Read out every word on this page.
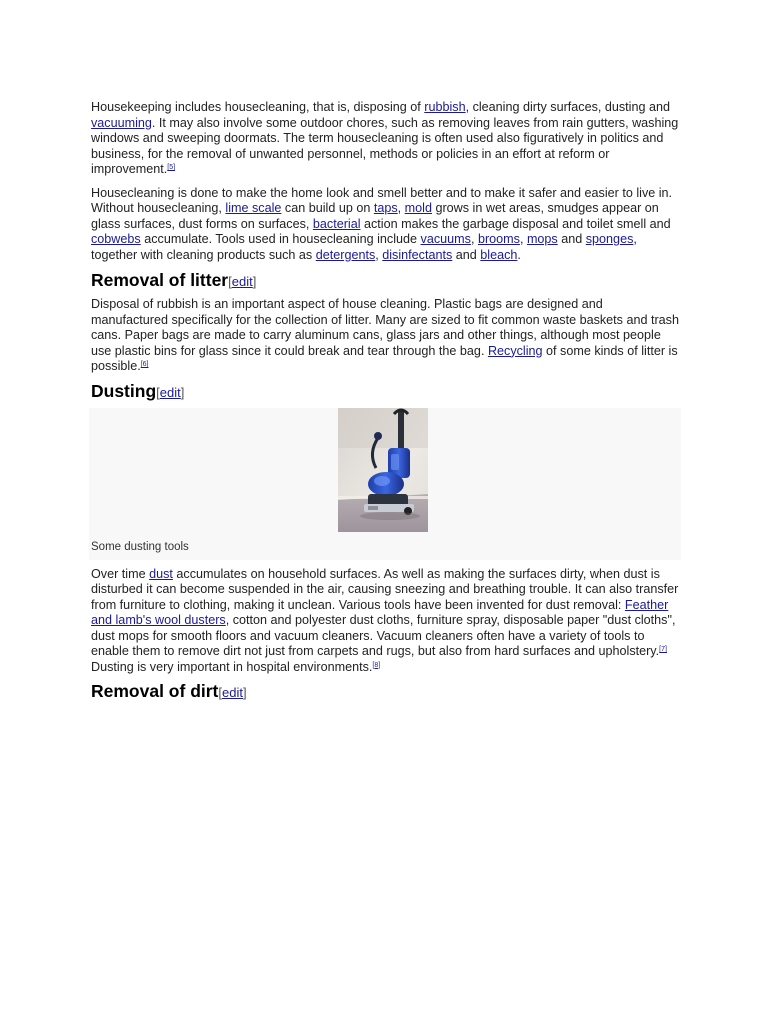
Housekeeping includes housecleaning, that is, disposing of rubbish, cleaning dirty surfaces, dusting and vacuuming. It may also involve some outdoor chores, such as removing leaves from rain gutters, washing windows and sweeping doormats. The term housecleaning is often used also figuratively in politics and business, for the removal of unwanted personnel, methods or policies in an effort at reform or improvement.[5]

Housecleaning is done to make the home look and smell better and to make it safer and easier to live in. Without housecleaning, lime scale can build up on taps, mold grows in wet areas, smudges appear on glass surfaces, dust forms on surfaces, bacterial action makes the garbage disposal and toilet smell and cobwebs accumulate. Tools used in housecleaning include vacuums, brooms, mops and sponges, together with cleaning products such as detergents, disinfectants and bleach.

Removal of litter[edit]

Disposal of rubbish is an important aspect of house cleaning. Plastic bags are designed and manufactured specifically for the collection of litter. Many are sized to fit common waste baskets and trash cans. Paper bags are made to carry aluminum cans, glass jars and other things, although most people use plastic bins for glass since it could break and tear through the bag. Recycling of some kinds of litter is possible.[6]

Dusting[edit]
Some dusting tools

Over time dust accumulates on household surfaces. As well as making the surfaces dirty, when dust is disturbed it can become suspended in the air, causing sneezing and breathing trouble. It can also transfer from furniture to clothing, making it unclean. Various tools have been invented for dust removal: Feather and lamb's wool dusters, cotton and polyester dust cloths, furniture spray, disposable paper "dust cloths", dust mops for smooth floors and vacuum cleaners. Vacuum cleaners often have a variety of tools to enable them to remove dirt not just from carpets and rugs, but also from hard surfaces and upholstery.[7] Dusting is very important in hospital environments.[8]

Removal of dirt[edit]
